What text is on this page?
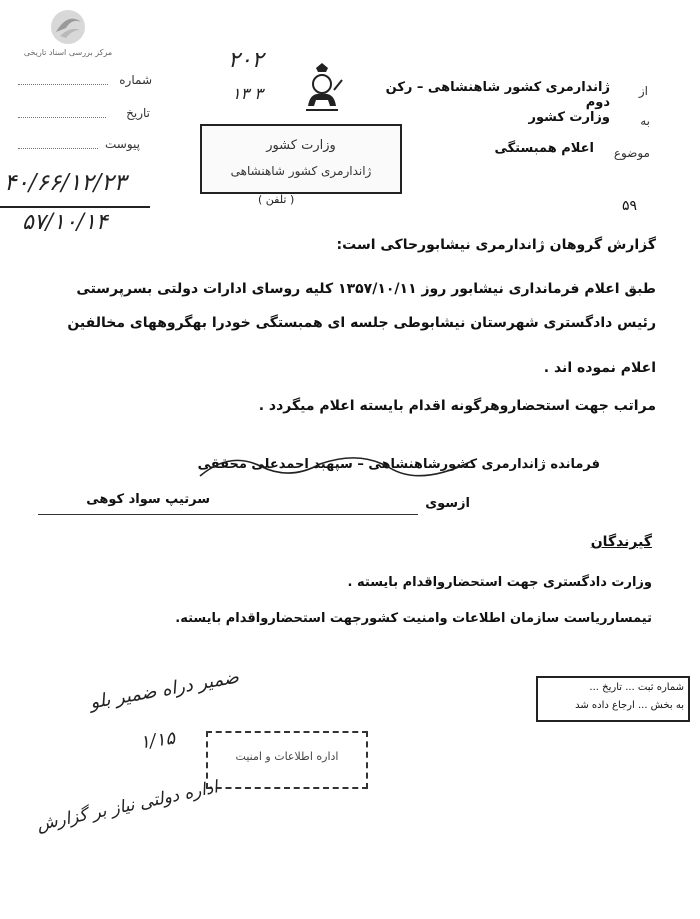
مرکز بررسی اسناد تاریخی
شماره
تاریخ
پیوست
۲۰۲
۱۳ ۳	از
ژاندارمری کشور شاهنشاهی – رکن دوم
به
وزارت کشور
موضوع
اعلام همبستگی
وزارت کشور
ژاندارمری کشور شاهنشاهی
( تلفن )
۴۰/۶۶/۱۲/۲۳
۵۷/۱۰/۱۴
۵۹
گزارش گروهان ژاندارمری نیشابورحاکی است:
طبق اعلام فرماندارى نیشابور روز ۱۳۵۷/۱۰/۱۱ کلیه روسای ادارات دولتی بسرپرستی
رئیس دادگستری شهرستان نیشابوطی جلسه ای همبستگی خودرا بهگروههای مخالفین
اعلام نموده اند .
مراتب جهت استحضاروهرگونه اقدام بایسته اعلام میگردد .
فرمانده ژاندارمری کشورشاهنشاهی – سپهبد احمدعلی محققی
ازسوی
سرتیپ سواد کوهی
گیرندگان
وزارت دادگستری جهت استحضارواقدام بایسته .
تیمسارریاست سازمان اطلاعات وامنیت کشورجهت استحضارواقدام بایسته.
شماره ثبت ... تاریخ ...
به بخش ... ارجاع داده شد
ضمیر دراه ضمیر بلو
۱/۱۵
اداره اطلاعات و امنیت
اداره دولتی نیاز بر گزارش
